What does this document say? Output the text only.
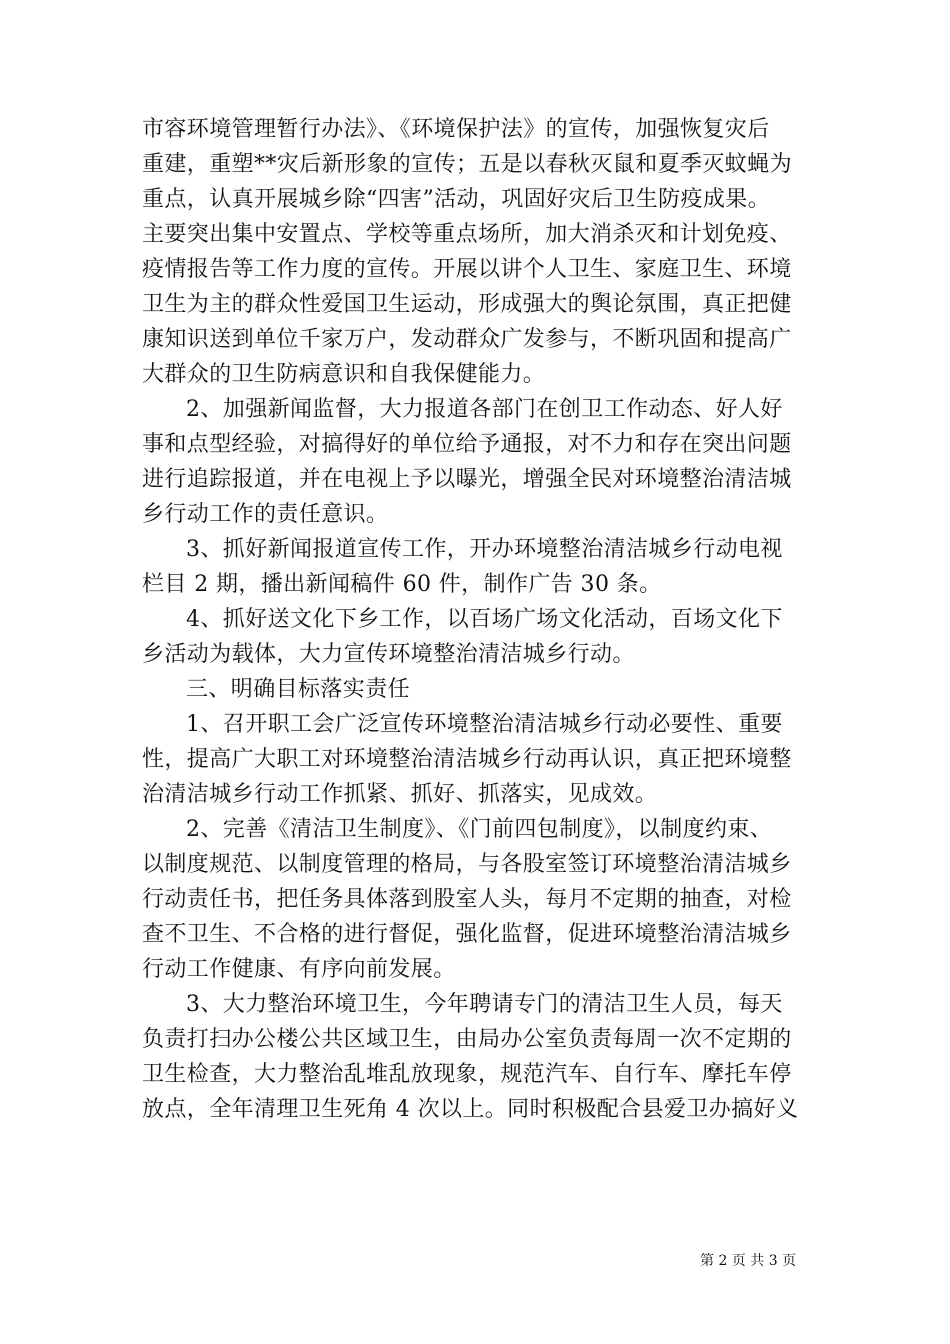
市容环境管理暂行办法》、《环境保护法》的宣传，加强恢复灾后
重建，重塑**灾后新形象的宣传；五是以春秋灭鼠和夏季灭蚊蝇为
重点，认真开展城乡除“四害”活动，巩固好灾后卫生防疫成果。
主要突出集中安置点、学校等重点场所，加大消杀灭和计划免疫、
疫情报告等工作力度的宣传。开展以讲个人卫生、家庭卫生、环境
卫生为主的群众性爱国卫生运动，形成强大的舆论氛围，真正把健
康知识送到单位千家万户，发动群众广发参与，不断巩固和提高广
大群众的卫生防病意识和自我保健能力。
2、加强新闻监督，大力报道各部门在创卫工作动态、好人好
事和点型经验，对搞得好的单位给予通报，对不力和存在突出问题
进行追踪报道，并在电视上予以曝光，增强全民对环境整治清洁城
乡行动工作的责任意识。
3、抓好新闻报道宣传工作，开办环境整治清洁城乡行动电视
栏目 2 期，播出新闻稿件 60 件，制作广告 30 条。
4、抓好送文化下乡工作，以百场广场文化活动，百场文化下
乡活动为载体，大力宣传环境整治清洁城乡行动。
三、明确目标落实责任
1、召开职工会广泛宣传环境整治清洁城乡行动必要性、重要
性，提高广大职工对环境整治清洁城乡行动再认识，真正把环境整
治清洁城乡行动工作抓紧、抓好、抓落实，见成效。
2、完善《清洁卫生制度》、《门前四包制度》，以制度约束、
以制度规范、以制度管理的格局，与各股室签订环境整治清洁城乡
行动责任书，把任务具体落到股室人头，每月不定期的抽查，对检
查不卫生、不合格的进行督促，强化监督，促进环境整治清洁城乡
行动工作健康、有序向前发展。
3、大力整治环境卫生，今年聘请专门的清洁卫生人员，每天
负责打扫办公楼公共区域卫生，由局办公室负责每周一次不定期的
卫生检查，大力整治乱堆乱放现象，规范汽车、自行车、摩托车停
放点，全年清理卫生死角 4 次以上。同时积极配合县爱卫办搞好义
第 2 页 共 3 页
